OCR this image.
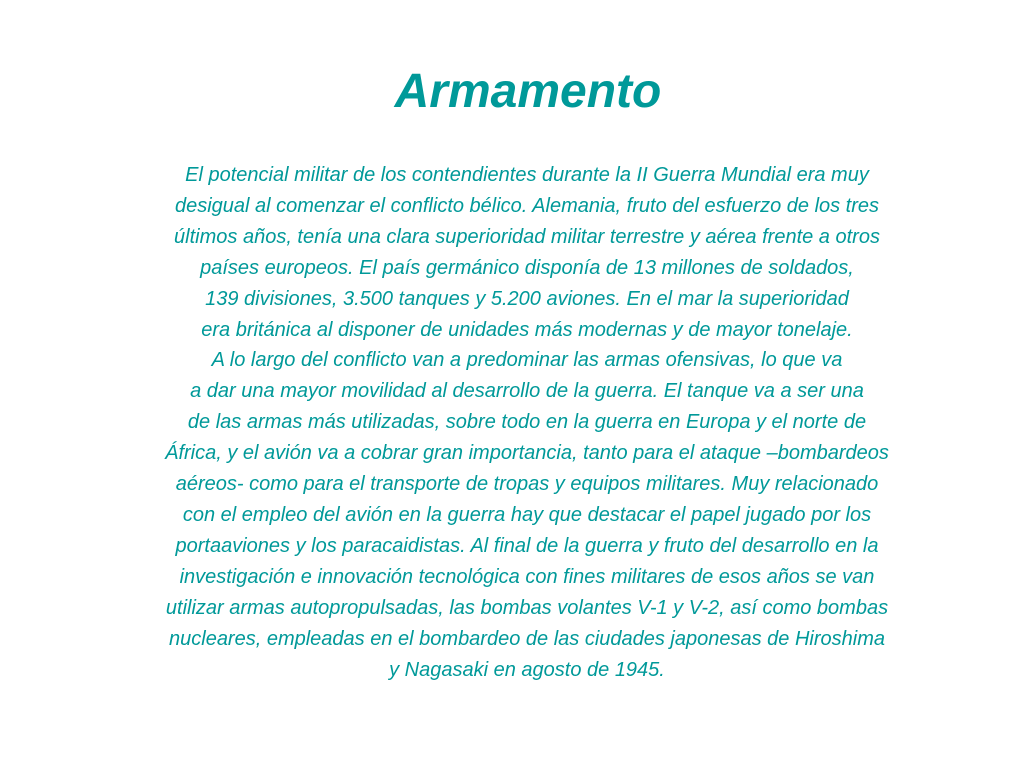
Armamento

El potencial militar de los contendientes durante la II Guerra Mundial era muy
desigual al comenzar el conflicto bélico. Alemania, fruto del esfuerzo de los tres
últimos años, tenía una clara superioridad militar terrestre y aérea frente a otros
países europeos. El país germánico disponía de 13 millones de soldados,
139 divisiones, 3.500 tanques y 5.200 aviones. En el mar la superioridad
era británica al disponer de unidades más modernas y de mayor tonelaje.
A lo largo del conflicto van a predominar las armas ofensivas, lo que va
a dar una mayor movilidad al desarrollo de la guerra. El tanque va a ser una
de las armas más utilizadas, sobre todo en la guerra en Europa y el norte de
África, y el avión va a cobrar gran importancia, tanto para el ataque –bombardeos
aéreos- como para el transporte de tropas y equipos militares. Muy relacionado
con el empleo del avión en la guerra hay que destacar el papel jugado por los
portaaviones y los paracaidistas. Al final de la guerra y fruto del desarrollo en la
investigación e innovación tecnológica con fines militares de esos años se van
utilizar armas autopropulsadas, las bombas volantes V-1 y V-2, así como bombas
nucleares, empleadas en el bombardeo de las ciudades japonesas de Hiroshima
y Nagasaki en agosto de 1945.
